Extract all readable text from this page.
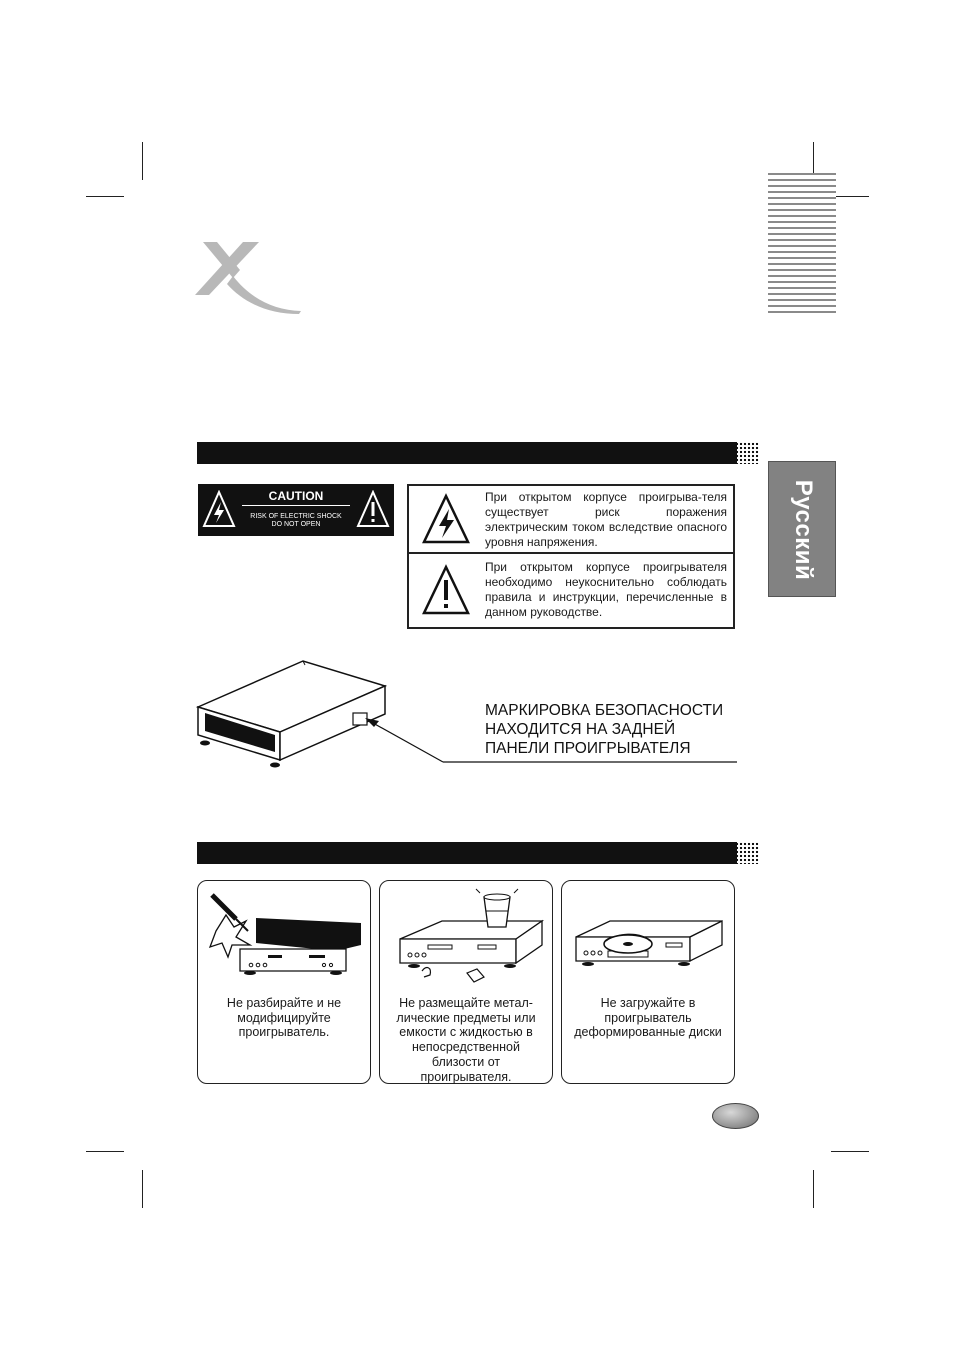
Русский
CAUTION
RISK OF ELECTRIC SHOCK
DO NOT OPEN
При открытом корпусе проигрыва-теля существует риск поражения электрическим током вследствие опасного уровня напряжения.
При открытом корпусе проигрывателя необходимо неукоснительно соблюдать правила и инструкции, перечисленные в данном руководстве.
МАРКИРОВКА БЕЗОПАСНОСТИ
НАХОДИТСЯ НА ЗАДНЕЙ
ПАНЕЛИ ПРОИГРЫВАТЕЛЯ

Не разбирайте и не модифицируйте проигрыватель.

Не размещайте метал-лические предметы или емкости с жидкостью в непосредственной близости от проигрывателя.

Не загружайте в проигрыватель деформированные диски
